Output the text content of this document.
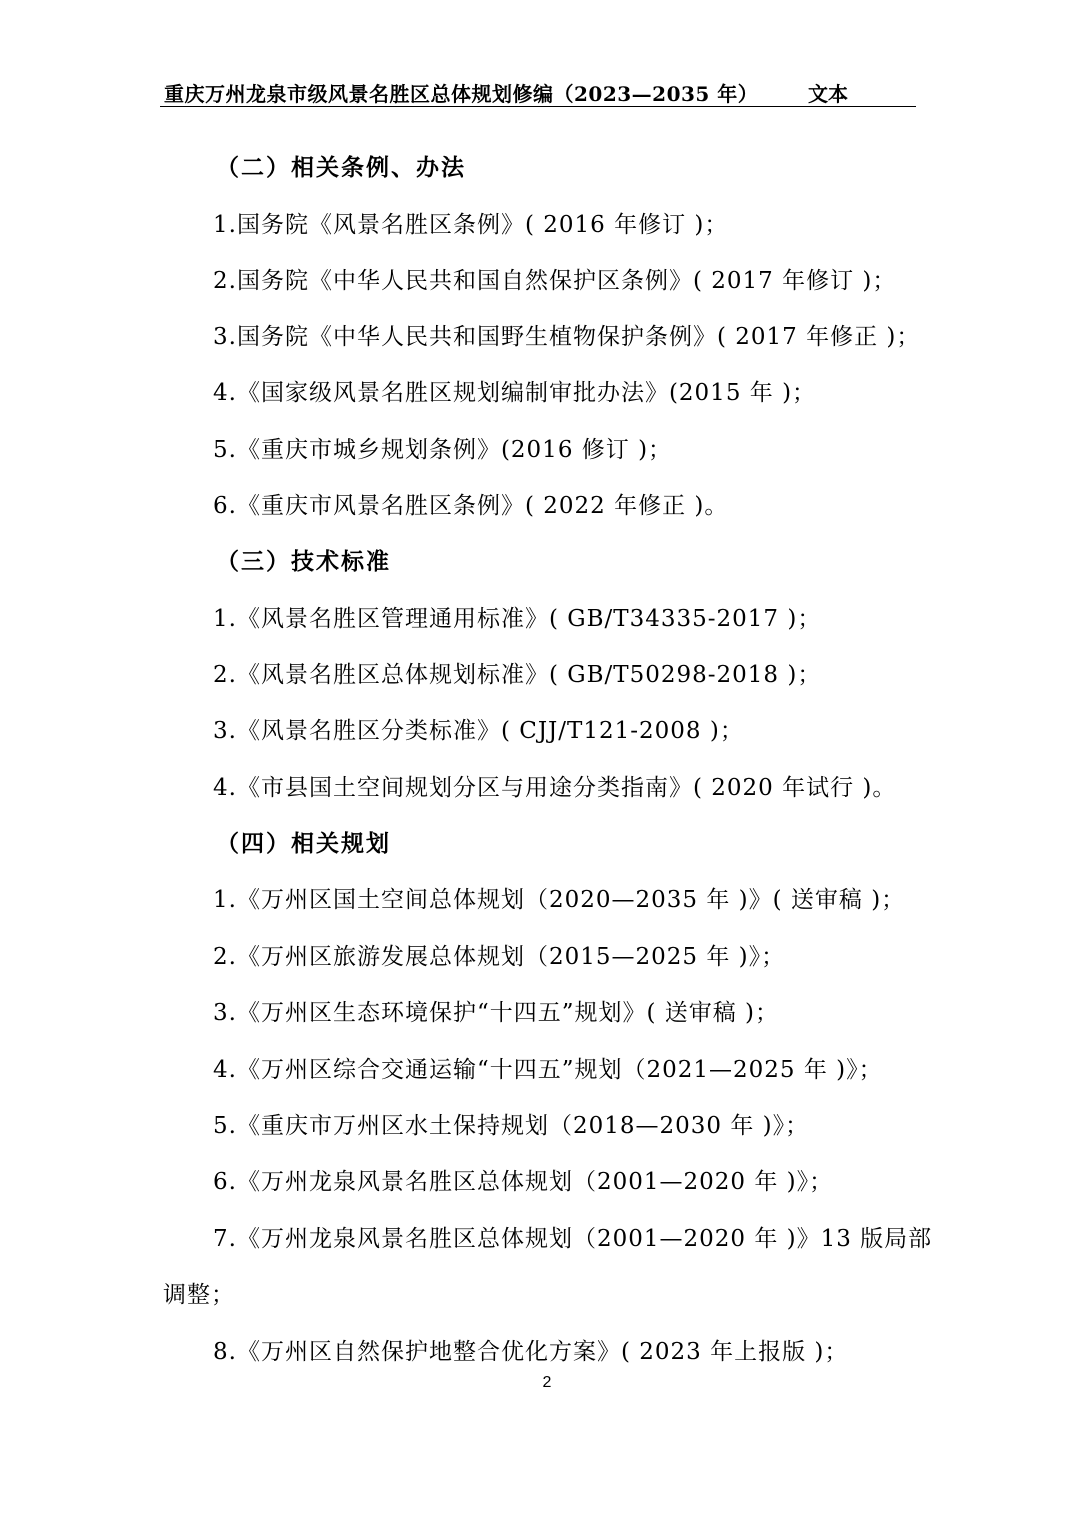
重庆万州龙泉市级风景名胜区总体规划修编（2023—2035 年） 文本
（二）相关条例、办法
1.国务院《风景名胜区条例》( 2016 年修订 )；
2.国务院《中华人民共和国自然保护区条例》( 2017 年修订 )；
3.国务院《中华人民共和国野生植物保护条例》( 2017 年修正 )；
4.《国家级风景名胜区规划编制审批办法》(2015 年 )；
5.《重庆市城乡规划条例》(2016 修订 )；
6.《重庆市风景名胜区条例》( 2022 年修正 )。
（三）技术标准
1.《风景名胜区管理通用标准》( GB/T34335-2017 )；
2.《风景名胜区总体规划标准》( GB/T50298-2018 )；
3.《风景名胜区分类标准》( CJJ/T121-2008 )；
4.《市县国土空间规划分区与用途分类指南》( 2020 年试行 )。
（四）相关规划
1.《万州区国土空间总体规划（2020—2035 年 )》( 送审稿 )；
2.《万州区旅游发展总体规划（2015—2025 年 )》；
3.《万州区生态环境保护“十四五”规划》( 送审稿 )；
4.《万州区综合交通运输“十四五”规划（2021—2025 年 )》；
5.《重庆市万州区水土保持规划（2018—2030 年 )》；
6.《万州龙泉风景名胜区总体规划（2001—2020 年 )》；
7.《万州龙泉风景名胜区总体规划（2001—2020 年 )》13 版局部
调整；
8.《万州区自然保护地整合优化方案》( 2023 年上报版 )；
2
